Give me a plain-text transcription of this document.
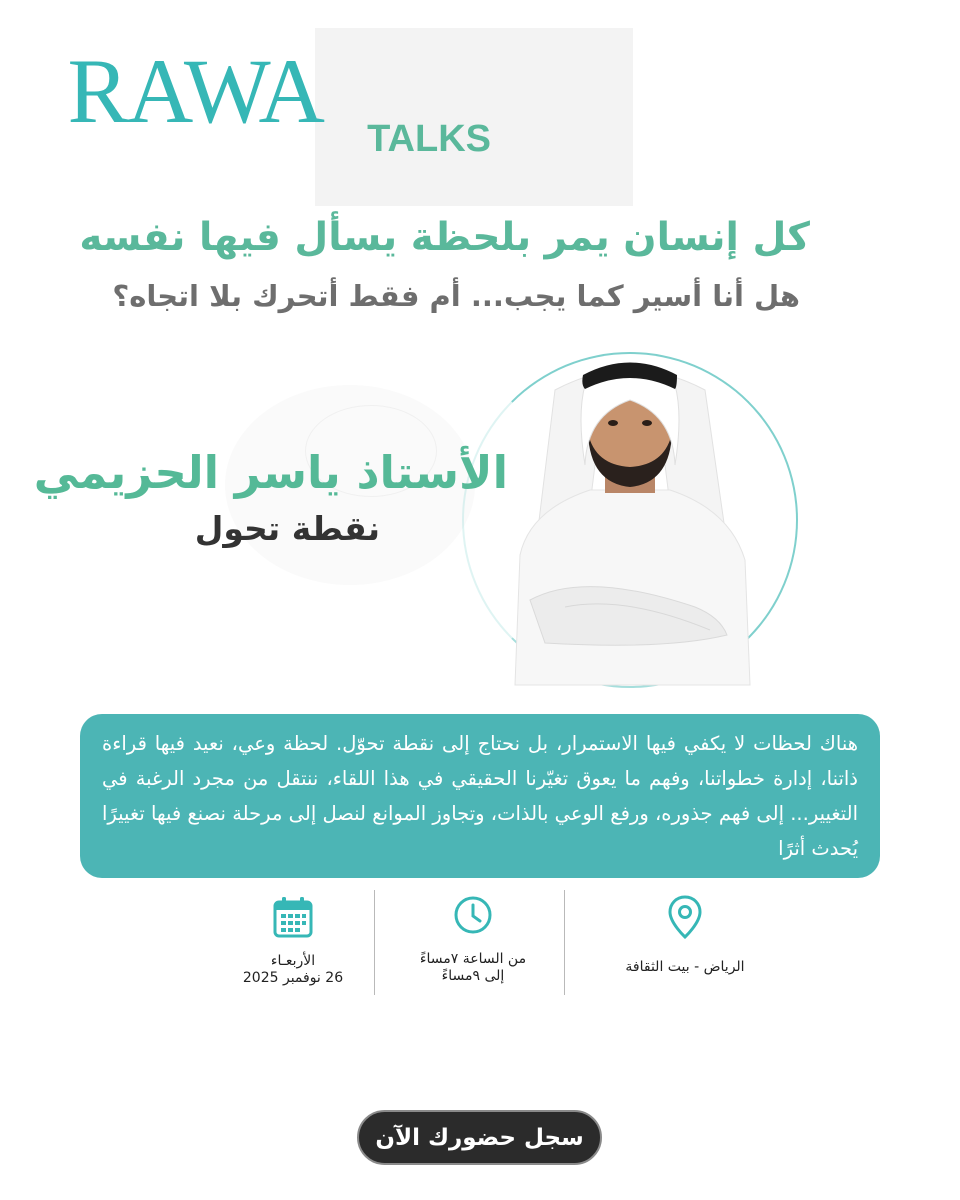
RAWA TALKS
كل إنسان يمر بلحظة يسأل فيها نفسه
هل أنا أسير كما يجب... أم فقط أتحرك بلا اتجاه؟
الأستاذ ياسر الحزيمي
نقطة تحول

هناك لحظات لا يكفي فيها الاستمرار، بل نحتاج إلى نقطة تحوّل. لحظة وعي، نعيد فيها قراءة ذاتنا، إدارة خطواتنا، وفهم ما يعوق تغيّرنا الحقيقي في هذا اللقاء، ننتقل من مجرد الرغبة في التغيير... إلى فهم جذوره، ورفع الوعي بالذات، وتجاوز الموانع لنصل إلى مرحلة نصنع فيها تغييرًا يُحدث أثرًا

الرياض - بيت الثقافة
من الساعة ٧مساءً
إلى ٩مساءً
الأربعـاء
26 نوفمبر 2025
سجل حضورك الآن
